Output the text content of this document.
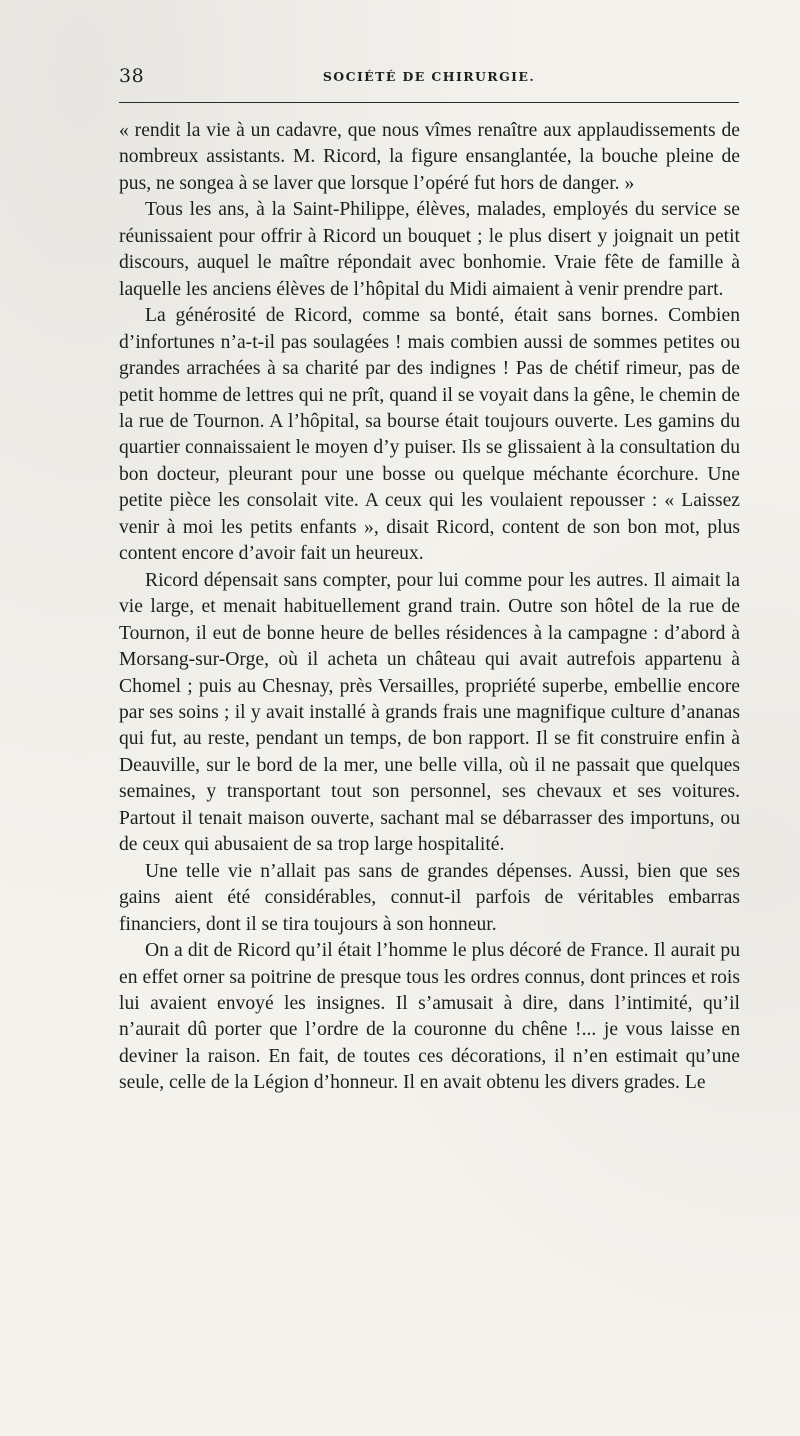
38	SOCIÉTÉ DE CHIRURGIE.

« rendit la vie à un cadavre, que nous vîmes renaître aux applaudissements de nombreux assistants. M. Ricord, la figure ensanglantée, la bouche pleine de pus, ne songea à se laver que lorsque l’opéré fut hors de danger. »

Tous les ans, à la Saint-Philippe, élèves, malades, employés du service se réunissaient pour offrir à Ricord un bouquet ; le plus disert y joignait un petit discours, auquel le maître répondait avec bonhomie. Vraie fête de famille à laquelle les anciens élèves de l’hôpital du Midi aimaient à venir prendre part.

La générosité de Ricord, comme sa bonté, était sans bornes. Combien d’infortunes n’a-t-il pas soulagées ! mais combien aussi de sommes petites ou grandes arrachées à sa charité par des indignes ! Pas de chétif rimeur, pas de petit homme de lettres qui ne prît, quand il se voyait dans la gêne, le chemin de la rue de Tournon. A l’hôpital, sa bourse était toujours ouverte. Les gamins du quartier connaissaient le moyen d’y puiser. Ils se glissaient à la consultation du bon docteur, pleurant pour une bosse ou quelque méchante écorchure. Une petite pièce les consolait vite. A ceux qui les voulaient repousser : « Laissez venir à moi les petits enfants », disait Ricord, content de son bon mot, plus content encore d’avoir fait un heureux.

Ricord dépensait sans compter, pour lui comme pour les autres. Il aimait la vie large, et menait habituellement grand train. Outre son hôtel de la rue de Tournon, il eut de bonne heure de belles résidences à la campagne : d’abord à Morsang-sur-Orge, où il acheta un château qui avait autrefois appartenu à Chomel ; puis au Chesnay, près Versailles, propriété superbe, embellie encore par ses soins ; il y avait installé à grands frais une magnifique culture d’ananas qui fut, au reste, pendant un temps, de bon rapport. Il se fit construire enfin à Deauville, sur le bord de la mer, une belle villa, où il ne passait que quelques semaines, y transportant tout son personnel, ses chevaux et ses voitures. Partout il tenait maison ouverte, sachant mal se débarrasser des importuns, ou de ceux qui abusaient de sa trop large hospitalité.

Une telle vie n’allait pas sans de grandes dépenses. Aussi, bien que ses gains aient été considérables, connut-il parfois de véritables embarras financiers, dont il se tira toujours à son honneur.

On a dit de Ricord qu’il était l’homme le plus décoré de France. Il aurait pu en effet orner sa poitrine de presque tous les ordres connus, dont princes et rois lui avaient envoyé les insignes. Il s’amusait à dire, dans l’intimité, qu’il n’aurait dû porter que l’ordre de la couronne du chêne !... je vous laisse en deviner la raison. En fait, de toutes ces décorations, il n’en estimait qu’une seule, celle de la Légion d’honneur. Il en avait obtenu les divers grades. Le
